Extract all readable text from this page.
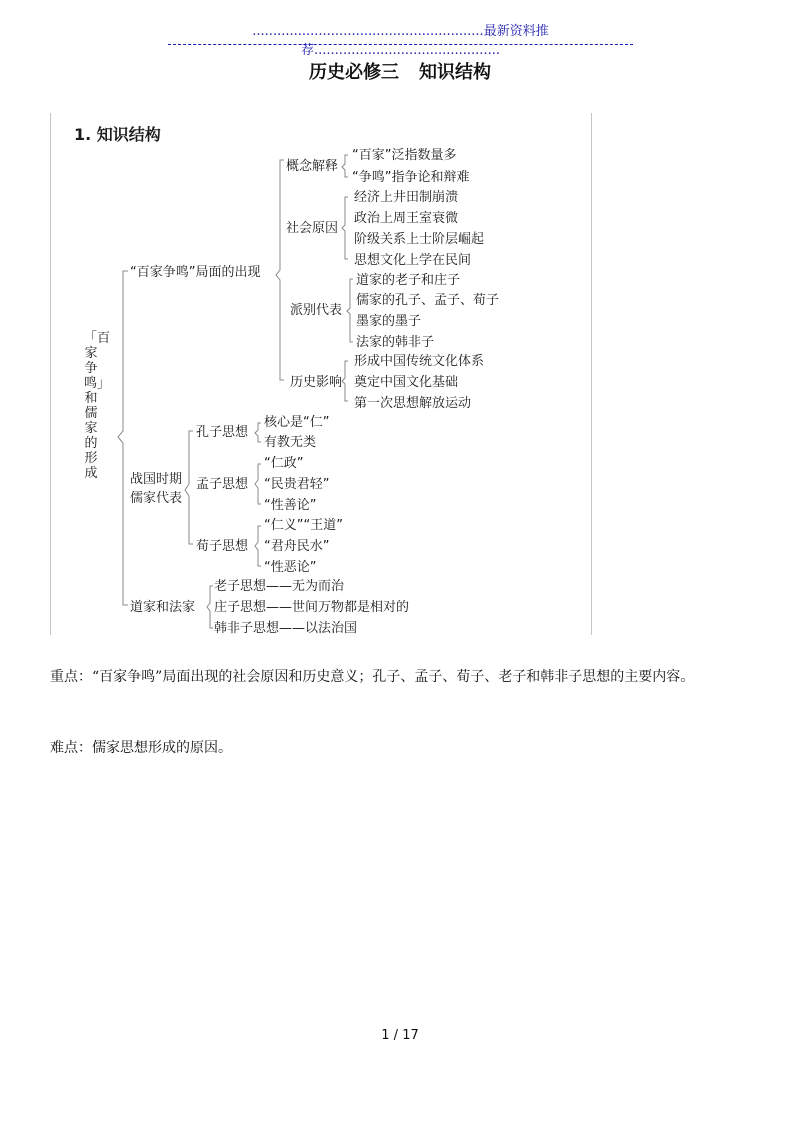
........................................................最新资料推荐.............................................
历史必修三 知识结构
1. 知识结构
「百家争鸣」和儒家的形成
“百家争鸣”局面的出现
概念解释
“百家”泛指数量多
“争鸣”指争论和辩难
社会原因
经济上井田制崩溃
政治上周王室衰微
阶级关系上士阶层崛起
思想文化上学在民间
派别代表
道家的老子和庄子
儒家的孔子、孟子、荀子
墨家的墨子
法家的韩非子
历史影响
形成中国传统文化体系
奠定中国文化基础
第一次思想解放运动
战国时期
儒家代表
孔子思想
核心是“仁”
有教无类
孟子思想
“仁政”
“民贵君轻”
“性善论”
荀子思想
“仁义”“王道”
“君舟民水”
“性恶论”
道家和法家
老子思想——无为而治
庄子思想——世间万物都是相对的
韩非子思想——以法治国
重点：“百家争鸣”局面出现的社会原因和历史意义；孔子、孟子、荀子、老子和韩非子思想的主要内容。
难点：儒家思想形成的原因。
1 / 17
